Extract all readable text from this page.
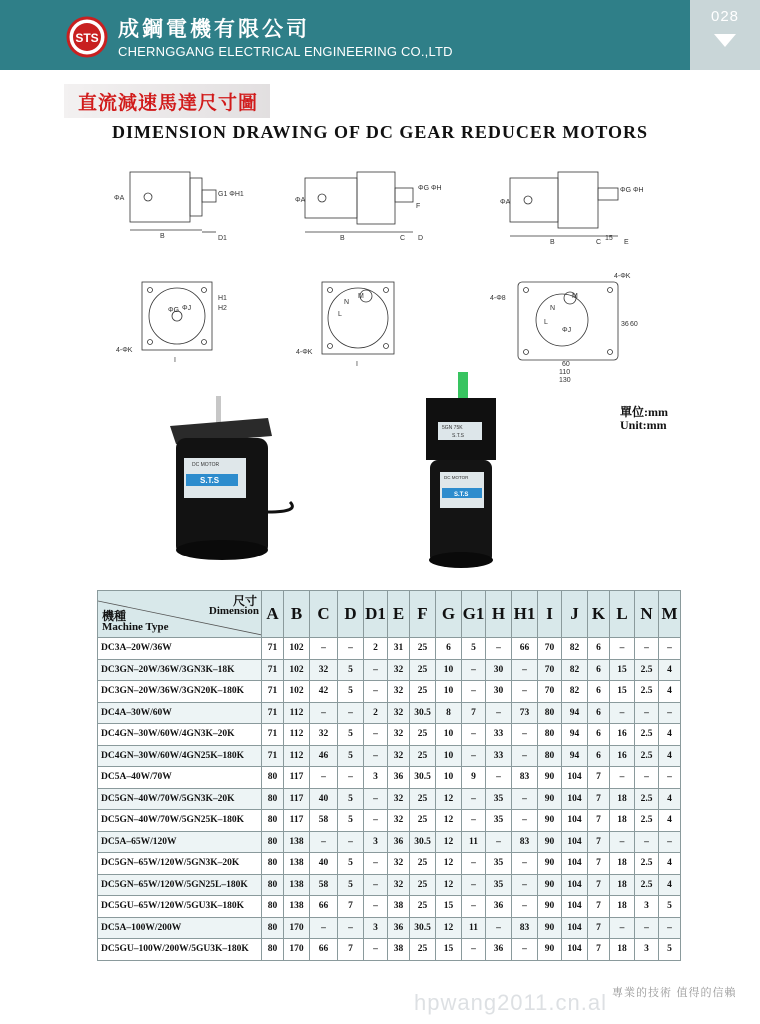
STS 成鋼電機有限公司
CHERNGGANG ELECTRICAL ENGINEERING CO.,LTD
028
直流減速馬達尺寸圖
DIMENSION DRAWING OF DC GEAR REDUCER MOTORS
ΦA
B	D1
G1 ΦH1
ΦA
B	C D
ΦG ΦH
F
ΦA
B	C	E
ΦG ΦH
15
H1
H2
ΦG ΦJ
4-ΦK
I
N
M
L
4-ΦK
I
M
N
L
ΦJ
4-Φ8
4-ΦK
36 60
60
110
130
DC MOTOR
S.T.S
5GN 75K
S.T.S
DC MOTOR
S.T.S
單位:mm
Unit:mm
尺寸
Dimension
機種
Machine Type	A	B	C	D	D1	E	F	G	G1	H	H1	I	J	K	L	N	M
DC3A–20W/36W	71	102	–	–	2	31	25	6	5	–	66	70	82	6	–	–	–
DC3GN–20W/36W/3GN3K–18K	71	102	32	5	–	32	25	10	–	30	–	70	82	6	15	2.5	4
DC3GN–20W/36W/3GN20K–180K	71	102	42	5	–	32	25	10	–	30	–	70	82	6	15	2.5	4
DC4A–30W/60W	71	112	–	–	2	32	30.5	8	7	–	73	80	94	6	–	–	–
DC4GN–30W/60W/4GN3K–20K	71	112	32	5	–	32	25	10	–	33	–	80	94	6	16	2.5	4
DC4GN–30W/60W/4GN25K–180K	71	112	46	5	–	32	25	10	–	33	–	80	94	6	16	2.5	4
DC5A–40W/70W	80	117	–	–	3	36	30.5	10	9	–	83	90	104	7	–	–	–
DC5GN–40W/70W/5GN3K–20K	80	117	40	5	–	32	25	12	–	35	–	90	104	7	18	2.5	4
DC5GN–40W/70W/5GN25K–180K	80	117	58	5	–	32	25	12	–	35	–	90	104	7	18	2.5	4
DC5A–65W/120W	80	138	–	–	3	36	30.5	12	11	–	83	90	104	7	–	–	–
DC5GN–65W/120W/5GN3K–20K	80	138	40	5	–	32	25	12	–	35	–	90	104	7	18	2.5	4
DC5GN–65W/120W/5GN25L–180K	80	138	58	5	–	32	25	12	–	35	–	90	104	7	18	2.5	4
DC5GU–65W/120W/5GU3K–180K	80	138	66	7	–	38	25	15	–	36	–	90	104	7	18	3	5
DC5A–100W/200W	80	170	–	–	3	36	30.5	12	11	–	83	90	104	7	–	–	–
DC5GU–100W/200W/5GU3K–180K	80	170	66	7	–	38	25	15	–	36	–	90	104	7	18	3	5
hpwang2011.cn.al 專業的技術 值得的信賴
